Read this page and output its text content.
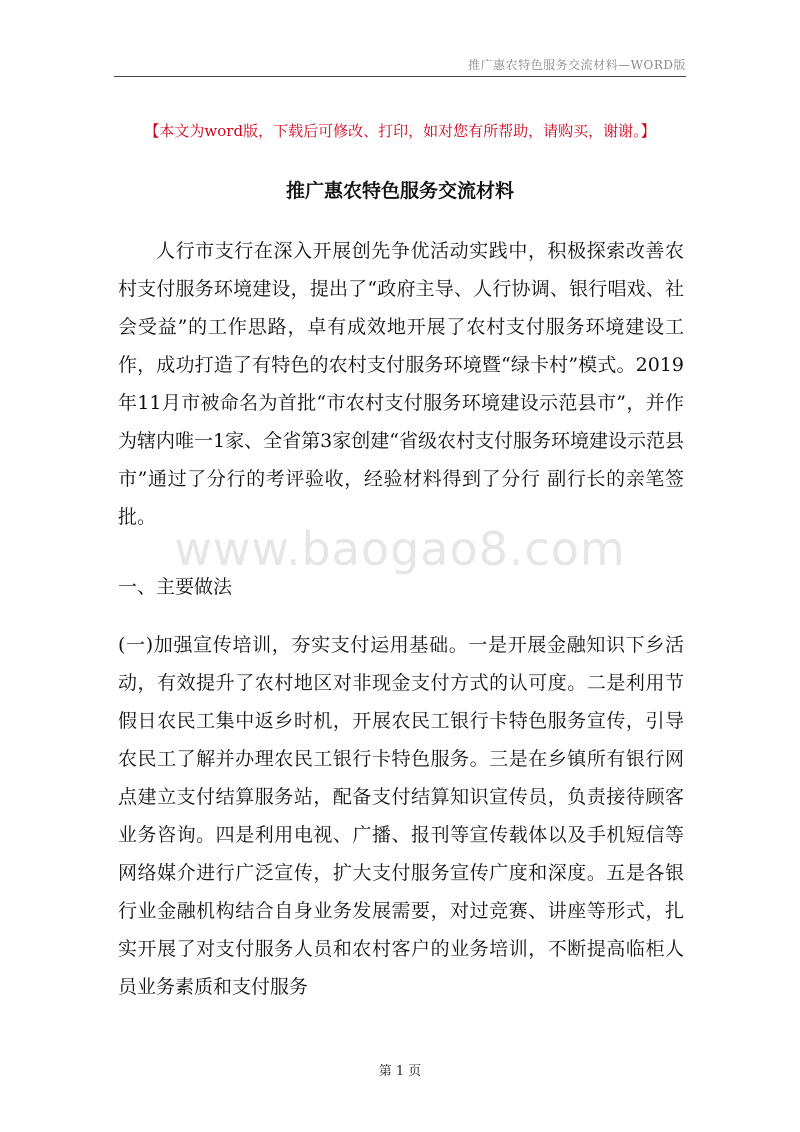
推广惠农特色服务交流材料—WORD版
【本文为word版，下载后可修改、打印，如对您有所帮助，请购买，谢谢。】
推广惠农特色服务交流材料

人行市支行在深入开展创先争优活动实践中，积极探索改善农村支付服务环境建设，提出了“政府主导、人行协调、银行唱戏、社会受益”的工作思路，卓有成效地开展了农村支付服务环境建设工作，成功打造了有特色的农村支付服务环境暨“绿卡村”模式。2019年11月市被命名为首批“市农村支付服务环境建设示范县市”，并作为辖内唯一1家、全省第3家创建“省级农村支付服务环境建设示范县市”通过了分行的考评验收，经验材料得到了分行 副行长的亲笔签批。

www.baogao8.com

一、主要做法

(一)加强宣传培训，夯实支付运用基础。一是开展金融知识下乡活动，有效提升了农村地区对非现金支付方式的认可度。二是利用节假日农民工集中返乡时机，开展农民工银行卡特色服务宣传，引导农民工了解并办理农民工银行卡特色服务。三是在乡镇所有银行网点建立支付结算服务站，配备支付结算知识宣传员，负责接待顾客业务咨询。四是利用电视、广播、报刊等宣传载体以及手机短信等网络媒介进行广泛宣传，扩大支付服务宣传广度和深度。五是各银行业金融机构结合自身业务发展需要，对过竞赛、讲座等形式，扎实开展了对支付服务人员和农村客户的业务培训，不断提高临柜人员业务素质和支付服务

第 1 页
